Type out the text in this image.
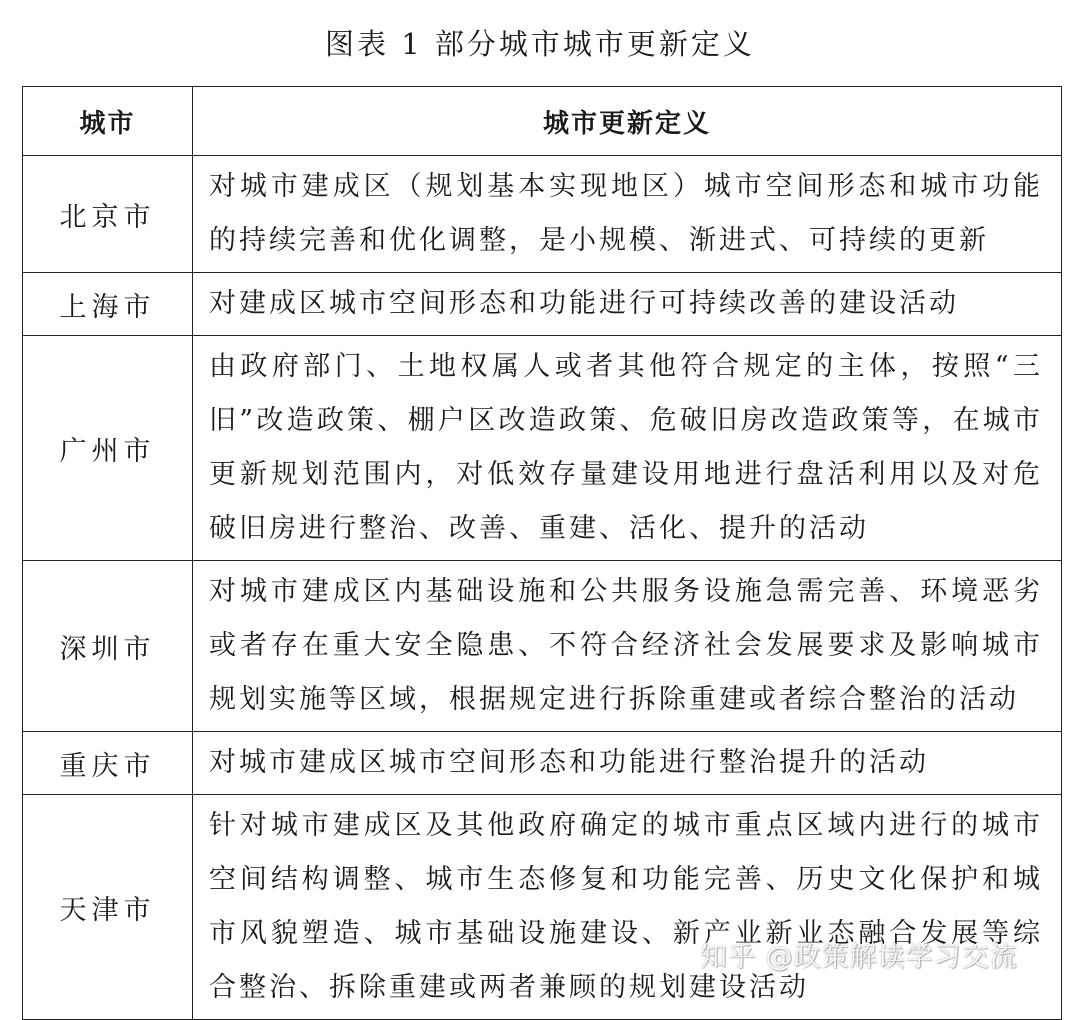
图表 1 部分城市城市更新定义
城市	城市更新定义
北京市	对城市建成区（规划基本实现地区）城市空间形态和城市功能的持续完善和优化调整，是小规模、渐进式、可持续的更新
上海市	对建成区城市空间形态和功能进行可持续改善的建设活动
广州市	由政府部门、土地权属人或者其他符合规定的主体，按照“三旧”改造政策、棚户区改造政策、危破旧房改造政策等，在城市更新规划范围内，对低效存量建设用地进行盘活利用以及对危破旧房进行整治、改善、重建、活化、提升的活动
深圳市	对城市建成区内基础设施和公共服务设施急需完善、环境恶劣或者存在重大安全隐患、不符合经济社会发展要求及影响城市规划实施等区域，根据规定进行拆除重建或者综合整治的活动
重庆市	对城市建成区城市空间形态和功能进行整治提升的活动
天津市	针对城市建成区及其他政府确定的城市重点区域内进行的城市空间结构调整、城市生态修复和功能完善、历史文化保护和城市风貌塑造、城市基础设施建设、新产业新业态融合发展等综合整治、拆除重建或两者兼顾的规划建设活动
知乎 @政策解读学习交流
